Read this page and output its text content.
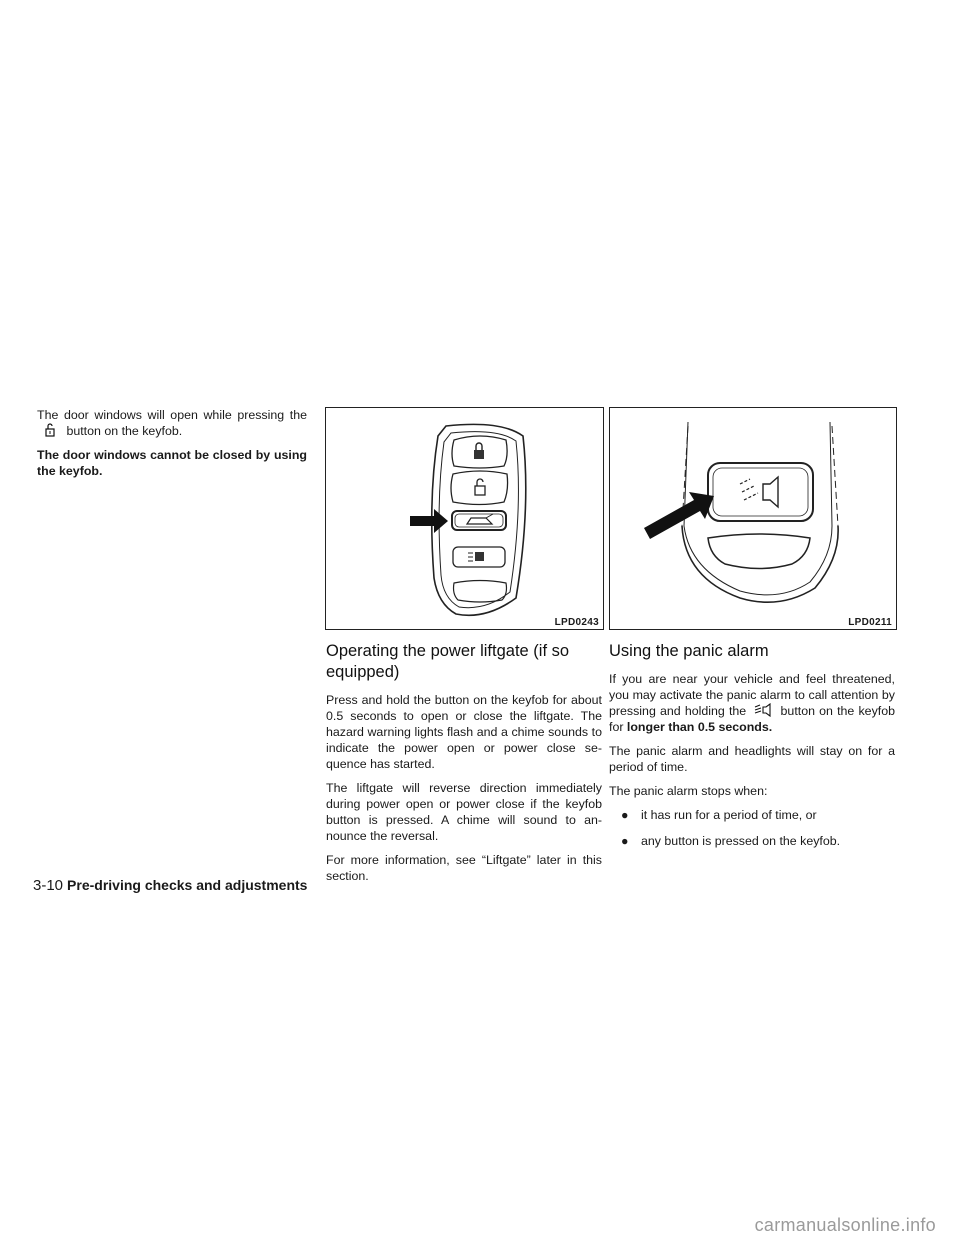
The door windows will open while pressing the  button on the keyfob.

The door windows cannot be closed by using the keyfob.

LPD0243	LPD0211
Operating the power liftgate (if so equipped)

Press and hold the button on the keyfob for about 0.5 seconds to open or close the liftgate. The hazard warning lights flash and a chime sounds to indicate the power open or power close se-quence has started.

The liftgate will reverse direction immediately during power open or power close if the keyfob button is pressed. A chime will sound to an-nounce the reversal.

For more information, see “Liftgate” later in this section.

Using the panic alarm

If you are near your vehicle and feel threatened, you may activate the panic alarm to call attention by pressing and holding the	button on the keyfob for longer than 0.5 seconds.

The panic alarm and headlights will stay on for a period of time.

The panic alarm stops when:

● it has run for a period of time, or
● any button is pressed on the keyfob.
3-10 Pre-driving checks and adjustments
carmanualsonline.info
